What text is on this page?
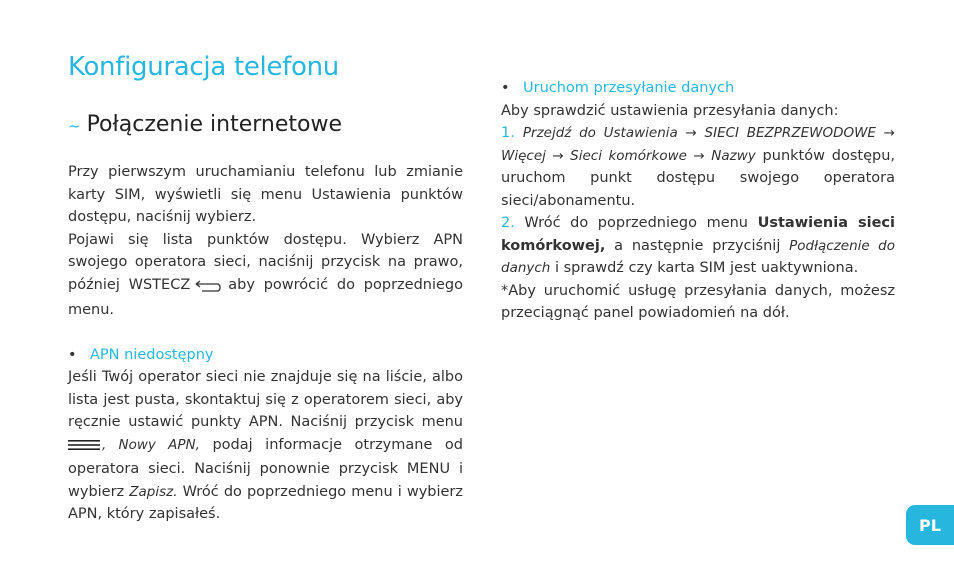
Konfiguracja telefonu
~ Połączenie internetowe

Przy pierwszym uruchamianiu telefonu lub zmianie karty SIM, wyświetli się menu Ustawienia punktów dostępu, naciśnij wybierz.

Pojawi się lista punktów dostępu. Wybierz APN swojego operatora sieci, naciśnij przycisk na prawo, później WSTECZ	aby powrócić do poprzedniego menu.

• APN niedostępny

Jeśli Twój operator sieci nie znajduje się na liście, albo lista jest pusta, skontaktuj się z operatorem sieci, aby ręcznie ustawić punkty APN. Naciśnij przycisk menu , Nowy APN, podaj informacje otrzymane od operatora sieci. Naciśnij ponownie przycisk MENU i wybierz Zapisz. Wróć do poprzedniego menu i wybierz APN, który zapisałeś.

• Uruchom przesyłanie danych

Aby sprawdzić ustawienia przesyłania danych:

1. Przejdź do Ustawienia → SIECI BEZPRZEWODOWE → Więcej → Sieci komórkowe → Nazwy punktów dostępu, uruchom punkt dostępu swojego operatora sieci/abonamentu.

2. Wróć do poprzedniego menu Ustawienia sieci komórkowej, a następnie przyciśnij Podłączenie do danych i sprawdź czy karta SIM jest uaktywniona.

*Aby uruchomić usługę przesyłania danych, możesz przeciągnąć panel powiadomień na dół.

PL
